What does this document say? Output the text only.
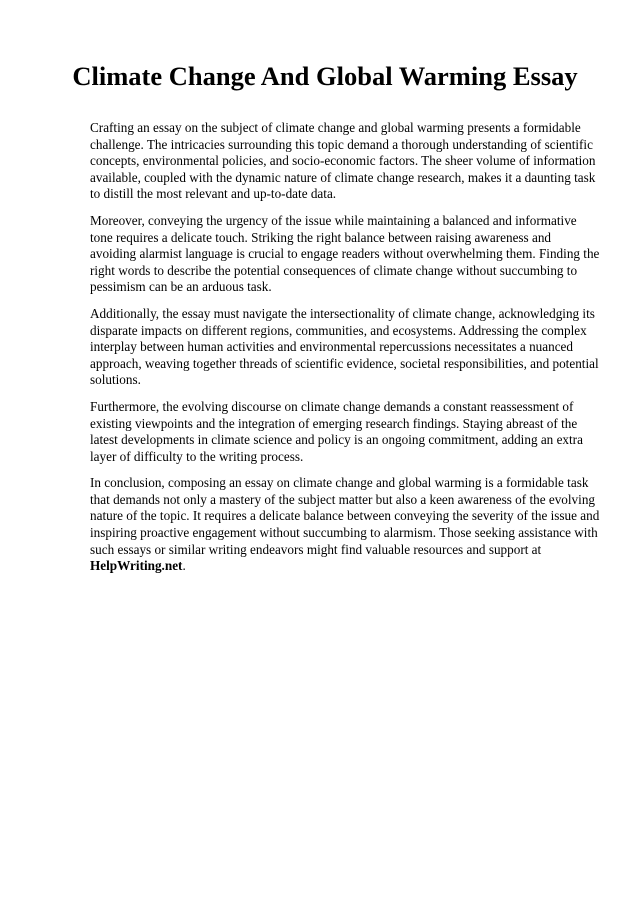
Climate Change And Global Warming Essay

Crafting an essay on the subject of climate change and global warming presents a formidable challenge. The intricacies surrounding this topic demand a thorough understanding of scientific concepts, environmental policies, and socio-economic factors. The sheer volume of information available, coupled with the dynamic nature of climate change research, makes it a daunting task to distill the most relevant and up-to-date data.

Moreover, conveying the urgency of the issue while maintaining a balanced and informative tone requires a delicate touch. Striking the right balance between raising awareness and avoiding alarmist language is crucial to engage readers without overwhelming them. Finding the right words to describe the potential consequences of climate change without succumbing to pessimism can be an arduous task.

Additionally, the essay must navigate the intersectionality of climate change, acknowledging its disparate impacts on different regions, communities, and ecosystems. Addressing the complex interplay between human activities and environmental repercussions necessitates a nuanced approach, weaving together threads of scientific evidence, societal responsibilities, and potential solutions.

Furthermore, the evolving discourse on climate change demands a constant reassessment of existing viewpoints and the integration of emerging research findings. Staying abreast of the latest developments in climate science and policy is an ongoing commitment, adding an extra layer of difficulty to the writing process.

In conclusion, composing an essay on climate change and global warming is a formidable task that demands not only a mastery of the subject matter but also a keen awareness of the evolving nature of the topic. It requires a delicate balance between conveying the severity of the issue and inspiring proactive engagement without succumbing to alarmism. Those seeking assistance with such essays or similar writing endeavors might find valuable resources and support at HelpWriting.net.
